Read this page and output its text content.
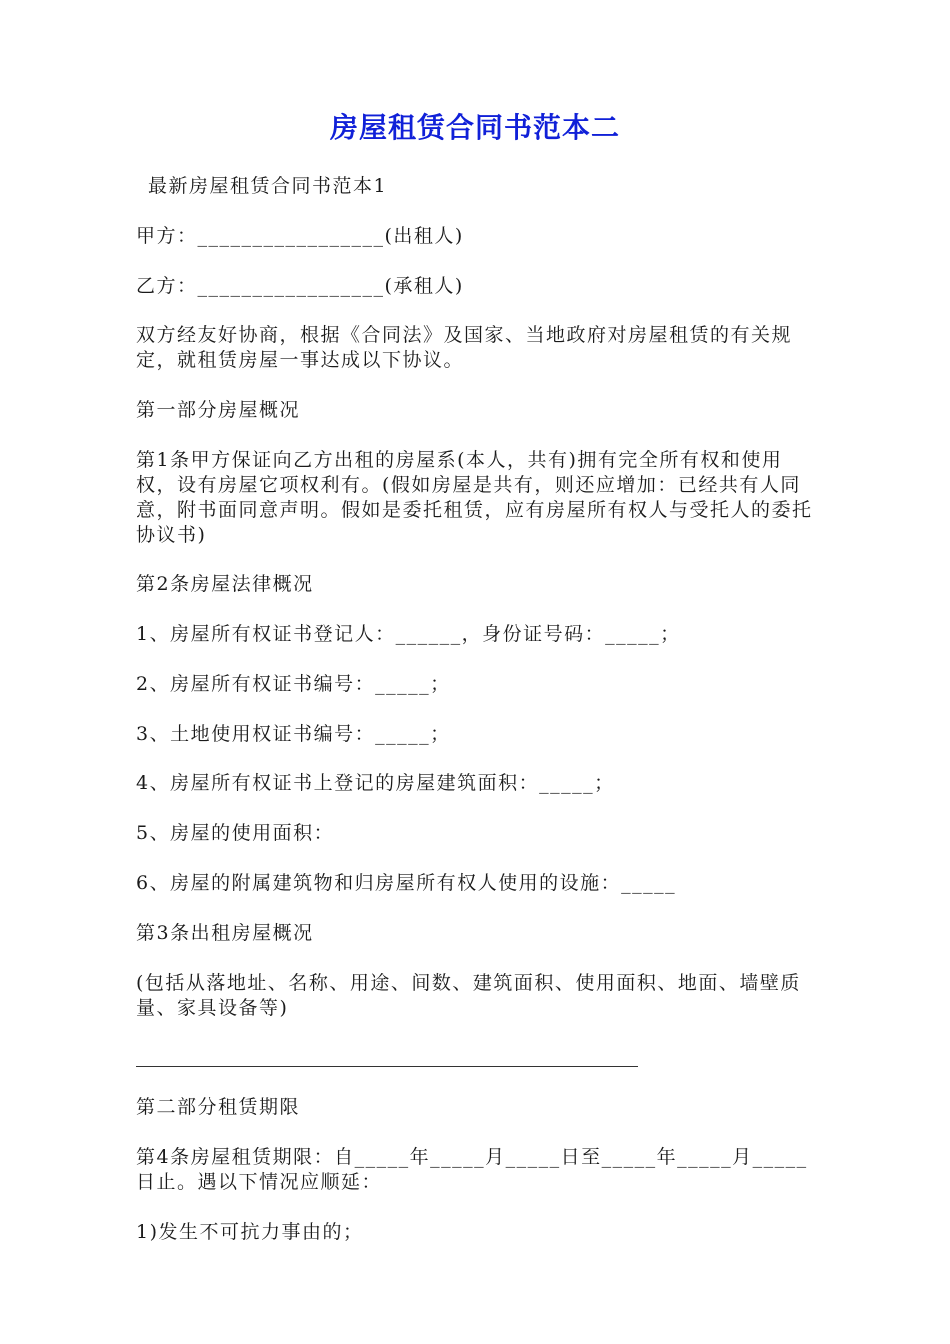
房屋租赁合同书范本二
最新房屋租赁合同书范本1
甲方：_________________(出租人)
乙方：_________________(承租人)
双方经友好协商，根据《合同法》及国家、当地政府对房屋租赁的有关规定，就租赁房屋一事达成以下协议。
第一部分房屋概况
第1条甲方保证向乙方出租的房屋系(本人，共有)拥有完全所有权和使用权，设有房屋它项权利有。(假如房屋是共有，则还应增加：已经共有人同意，附书面同意声明。假如是委托租赁，应有房屋所有权人与受托人的委托协议书)
第2条房屋法律概况
1、房屋所有权证书登记人：______，身份证号码：_____；
2、房屋所有权证书编号：_____；
3、土地使用权证书编号：_____；
4、房屋所有权证书上登记的房屋建筑面积：_____；
5、房屋的使用面积：
6、房屋的附属建筑物和归房屋所有权人使用的设施：_____
第3条出租房屋概况
(包括从落地址、名称、用途、间数、建筑面积、使用面积、地面、墙壁质量、家具设备等)
第二部分租赁期限
第4条房屋租赁期限：自_____年_____月_____日至_____年_____月_____日止。遇以下情况应顺延：
1)发生不可抗力事由的；
